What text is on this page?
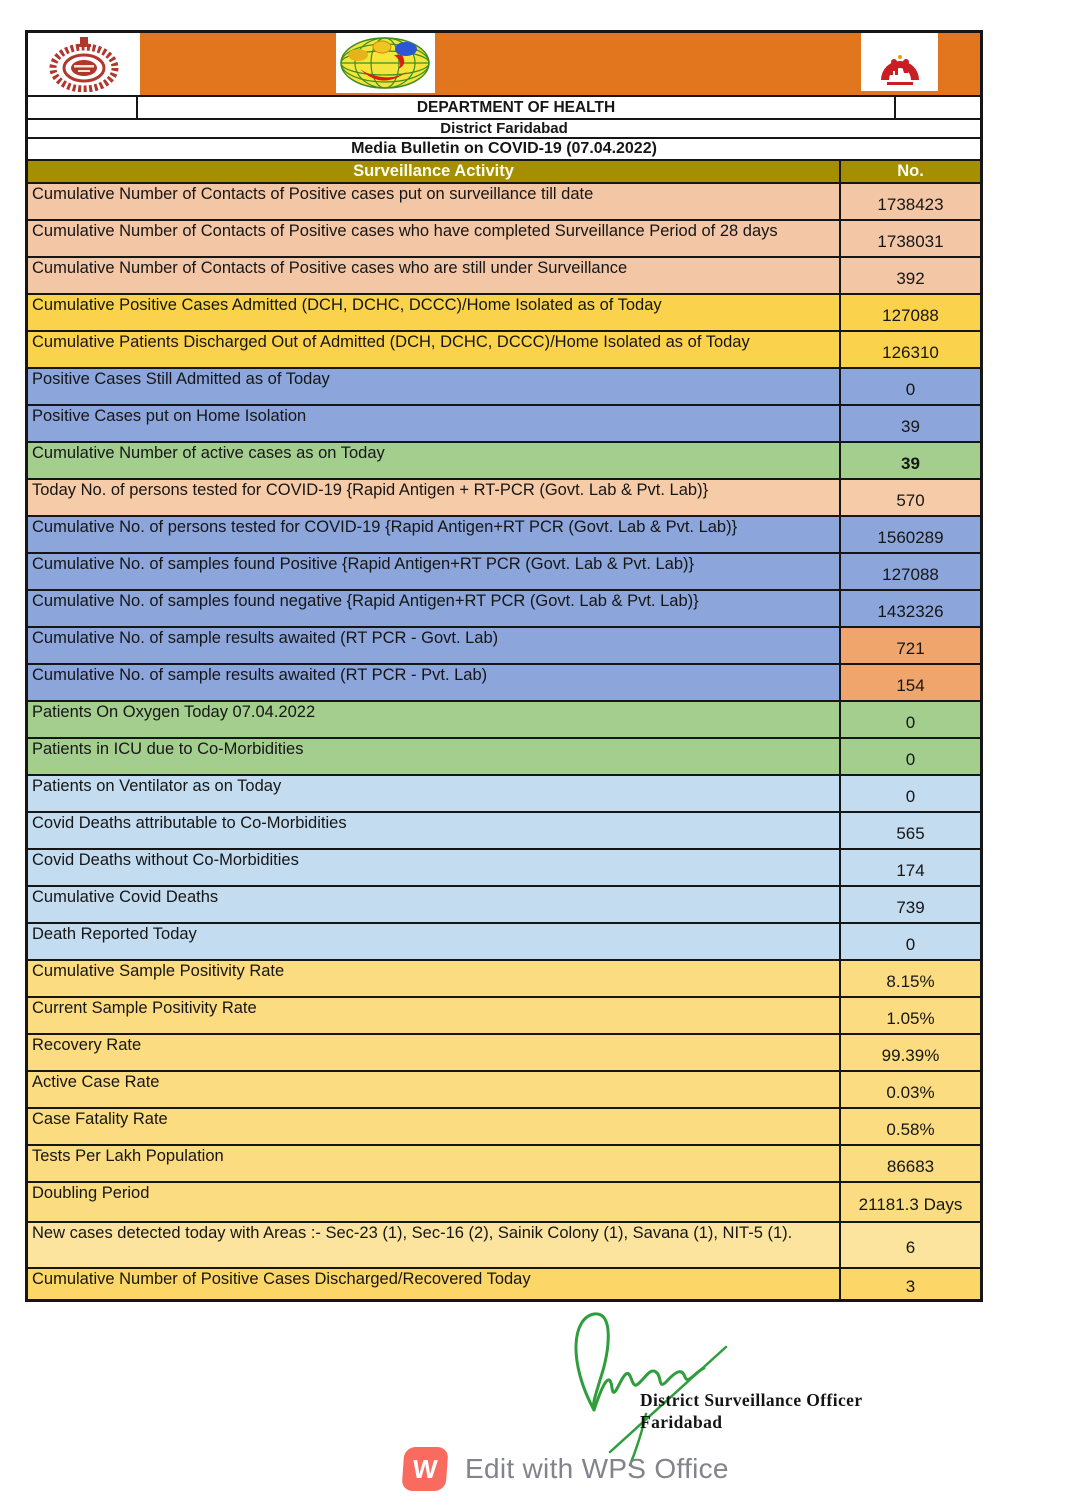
DEPARTMENT OF HEALTH
District Faridabad
Media Bulletin on COVID-19 (07.04.2022)
Surveillance Activity	No.
Cumulative Number of Contacts of Positive cases put on surveillance till date
1738423
Cumulative Number of Contacts of Positive cases who have completed Surveillance Period of 28 days
1738031
Cumulative Number of Contacts of Positive cases who are still under Surveillance
392
Cumulative Positive Cases Admitted (DCH, DCHC, DCCC)/Home Isolated as of Today
127088
Cumulative Patients Discharged Out of Admitted (DCH, DCHC, DCCC)/Home Isolated as of Today
126310
Positive Cases Still Admitted as of Today
0
Positive Cases put on Home Isolation
39
Cumulative Number of active cases as on Today
39
Today No. of persons tested for COVID-19 {Rapid Antigen + RT-PCR (Govt. Lab & Pvt. Lab)}
570
Cumulative No. of persons tested for COVID-19 {Rapid Antigen+RT PCR (Govt. Lab & Pvt. Lab)}
1560289
Cumulative No. of samples found Positive {Rapid Antigen+RT PCR (Govt. Lab & Pvt. Lab)}
127088
Cumulative No. of samples found negative {Rapid Antigen+RT PCR (Govt. Lab & Pvt. Lab)}
1432326
Cumulative No. of sample results awaited (RT PCR - Govt. Lab)
721
Cumulative No. of sample results awaited (RT PCR - Pvt. Lab)
154
Patients On Oxygen Today 07.04.2022
0
Patients in ICU due to Co-Morbidities
0
Patients on Ventilator as on Today
0
Covid Deaths attributable to Co-Morbidities
565
Covid Deaths without Co-Morbidities
174
Cumulative Covid Deaths
739
Death Reported Today
0
Cumulative Sample Positivity Rate
8.15%
Current Sample Positivity Rate
1.05%
Recovery Rate
99.39%
Active Case Rate
0.03%
Case Fatality Rate
0.58%
Tests Per Lakh Population
86683
Doubling Period
21181.3 Days
New cases detected today with Areas :- Sec-23 (1), Sec-16 (2), Sainik Colony (1), Savana (1), NIT-5 (1).
6
Cumulative Number of Positive Cases Discharged/Recovered Today	3
District Surveillance Officer
Faridabad
W Edit with WPS Office
